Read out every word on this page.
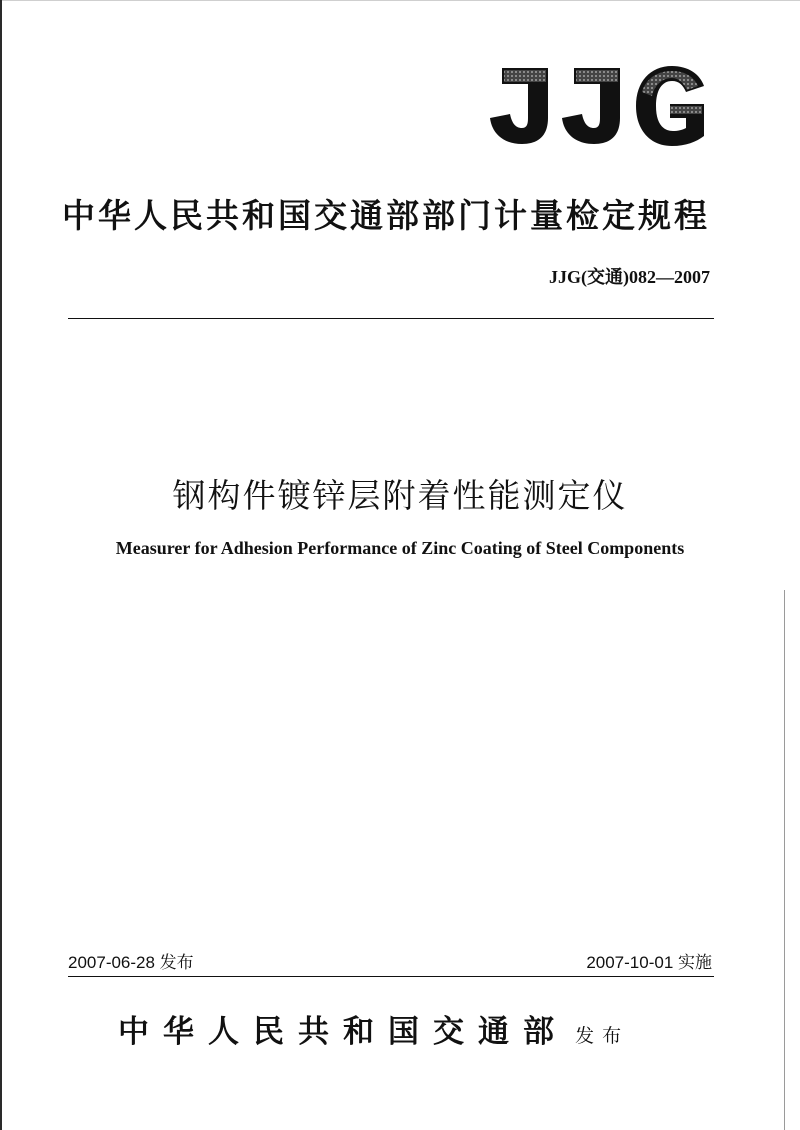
中华人民共和国交通部部门计量检定规程
JJG(交通)082—2007
钢构件镀锌层附着性能测定仪
Measurer for Adhesion Performance of Zinc Coating of Steel Components
2007-06-28 发布	2007-10-01 实施
中华人民共和国交通部 发布
